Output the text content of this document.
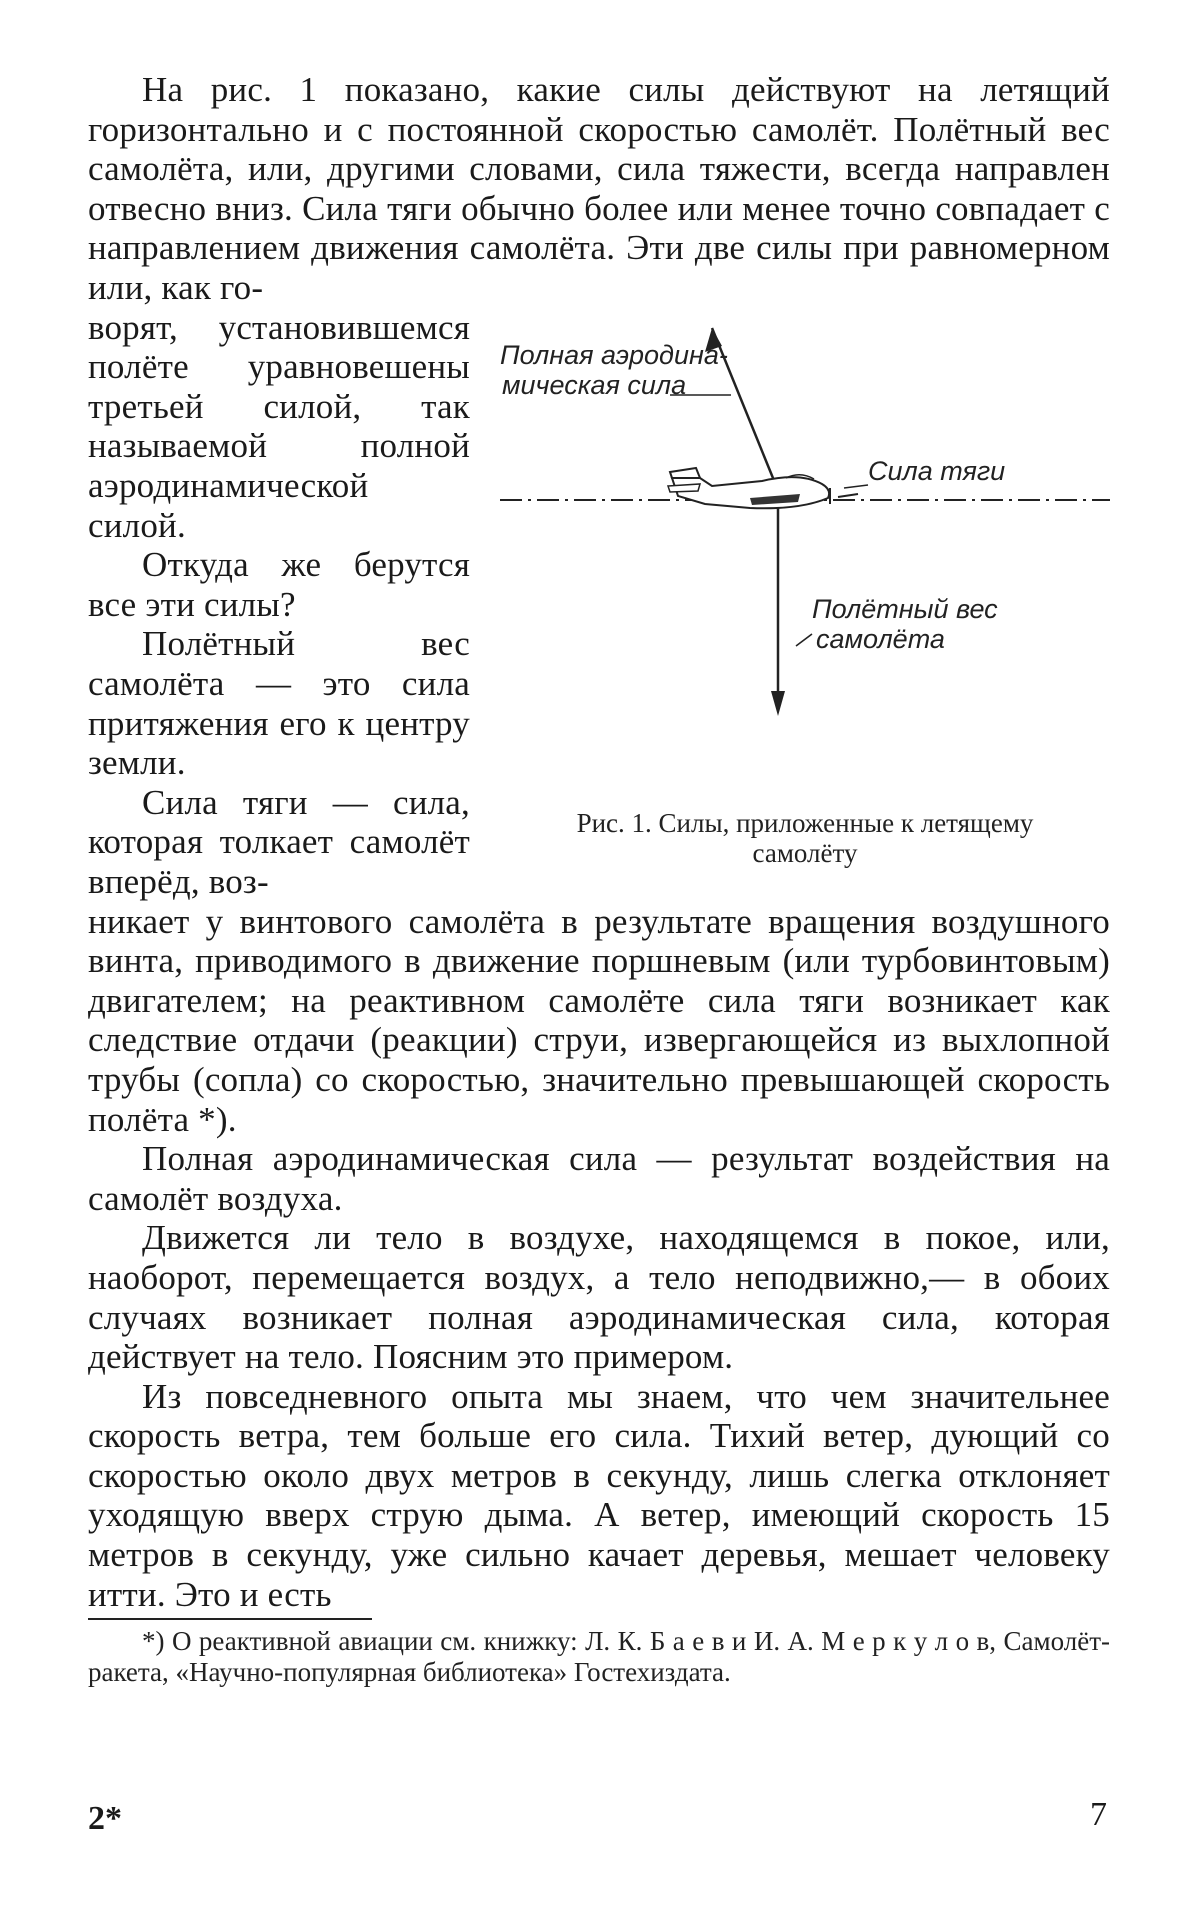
На рис. 1 показано, какие силы действуют на летящий горизонтально и с постоянной скоростью самолёт. Полётный вес самолёта, или, другими словами, сила тяжести, всегда направлен отвесно вниз. Сила тяги обычно более или менее точно совпадает с направлением движения самолёта. Эти две силы при равномерном или, как го-

ворят, установившемся полёте уравновешены третьей силой, так называемой полной аэродинамической силой.

Откуда же берутся все эти силы?

Полётный вес самолёта — это сила притяжения его к центру земли.

Сила тяги — сила, которая толкает самолёт вперёд, воз-

Полная аэродина-
мическая сила
Сила тяги
Полётный вес
самолёта
Рис. 1. Силы, приложенные к летящему
самолёту

никает у винтового самолёта в результате вращения воздушного винта, приводимого в движение поршневым (или турбовинтовым) двигателем; на реактивном самолёте сила тяги возникает как следствие отдачи (реакции) струи, извергающейся из выхлопной трубы (сопла) со скоростью, значительно превышающей скорость полёта *).

Полная аэродинамическая сила — результат воздействия на самолёт воздуха.

Движется ли тело в воздухе, находящемся в покое, или, наоборот, перемещается воздух, а тело неподвижно,— в обоих случаях возникает полная аэродинамическая сила, которая действует на тело. Поясним это примером.

Из повседневного опыта мы знаем, что чем значительнее скорость ветра, тем больше его сила. Тихий ветер, дующий со скоростью около двух метров в секунду, лишь слегка отклоняет уходящую вверх струю дыма. А ветер, имеющий скорость 15 метров в секунду, уже сильно качает деревья, мешает человеку итти. Это и есть

*) О реактивной авиации см. книжку: Л. К. Б а е в и И. А. М е р к у л о в, Самолёт-ракета, «Научно-популярная библиотека» Гостехиздата.

2*	7
